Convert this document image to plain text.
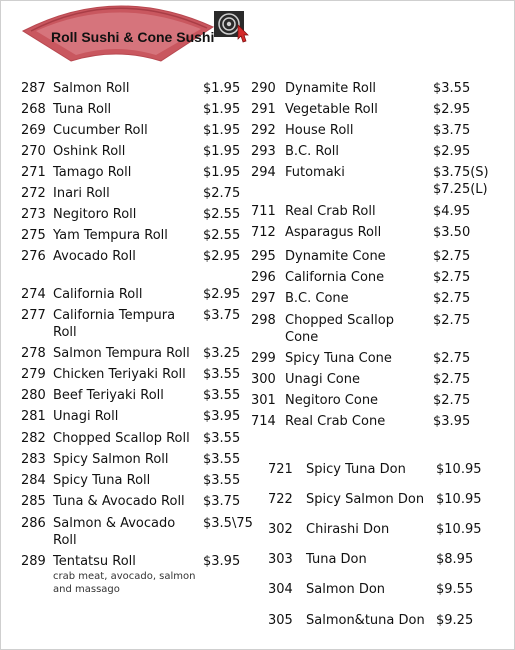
Roll Sushi & Cone Sushi
287 Salmon Roll	$1.95
268 Tuna Roll	$1.95
269 Cucumber Roll	$1.95
270 Oshink Roll	$1.95
271 Tamago Roll	$1.95
272 Inari Roll	$2.75
273 Negitoro Roll	$2.55
275 Yam Tempura Roll	$2.55
276 Avocado Roll	$2.95
274 California Roll	$2.95
277 California Tempura
Roll
$3.75
278 Salmon Tempura Roll $3.25
279 Chicken Teriyaki Roll $3.55
280 Beef Teriyaki Roll	$3.55
281 Unagi Roll	$3.95
282 Chopped Scallop Roll $3.55
283 Spicy Salmon Roll	$3.55
284 Spicy Tuna Roll	$3.55
285 Tuna & Avocado Roll $3.75
286 Salmon & Avocado
Roll
$3.5\75
289 Tentatsu Roll	$3.95
crab meat, avocado, salmon
and massago
290 Dynamite Roll	$3.55
291 Vegetable Roll	$2.95
292 House Roll	$3.75
293 B.C. Roll	$2.95
294 Futomaki	$3.75(S)
$7.25(L)
711 Real Crab Roll	$4.95
712 Asparagus Roll	$3.50
295 Dynamite Cone	$2.75
296 California Cone	$2.75
297 B.C. Cone	$2.75
298 Chopped Scallop
Cone
$2.75
299 Spicy Tuna Cone	$2.75
300 Unagi Cone	$2.75
301 Negitoro Cone	$2.75
714 Real Crab Cone	$3.95
721 Spicy Tuna Don $10.95
722 Spicy Salmon Don $10.95
302 Chirashi Don	$10.95
303 Tuna Don	$8.95
304 Salmon Don	$9.55
305 Salmon&tuna Don $9.25
